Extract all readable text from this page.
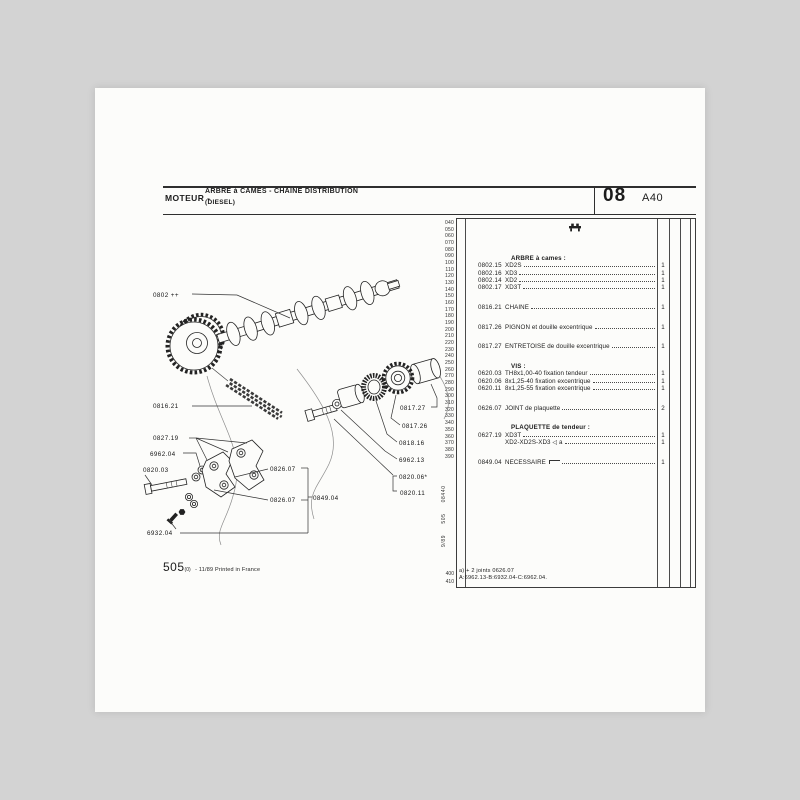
MOTEUR -
ARBRE à CAMES - CHAINE DISTRIBUTION
(DIESEL)	08 A40
040
050
060
070
080
090
100
110
120
130
140
150
160
170
180
190
200
210
220
230
240
250
260
270
280
290
300
310
320
330
340
350
360
370
380
390
9/89  505  08440
400
410
0802 ++
0816.21
0827.19
6962.04
0820.03	0826.07
0826.07	0849.04
6932.04
0817.27
0817.26
0818.16
6962.13
0820.06*
0820.11
ARBRE à cames :
0802.15 XD2S	1
0802.16 XD3	1
0802.14 XD2	1
0802.17 XD3T	1
0816.21 CHAINE	1
0817.26 PIGNON et douille excentrique	1
0817.27 ENTRETOISE de douille excentrique	1
VIS :
0620.03 TH8x1,00-40 fixation tendeur	1
0620.06 8x1,25-40 fixation excentrique	1
0620.11 8x1,25-55 fixation excentrique	1
0626.07 JOINT de plaquette	2
PLAQUETTE de tendeur :
0627.19 XD3T	1
XD2-XD2S-XD3 ◁ a	1
0849.04 NECESSAIRE	1
a) + 2 joints 0626.07
A:6962.13-B:6932.04-C:6962.04.
505(0) - 11/89 Printed in France
